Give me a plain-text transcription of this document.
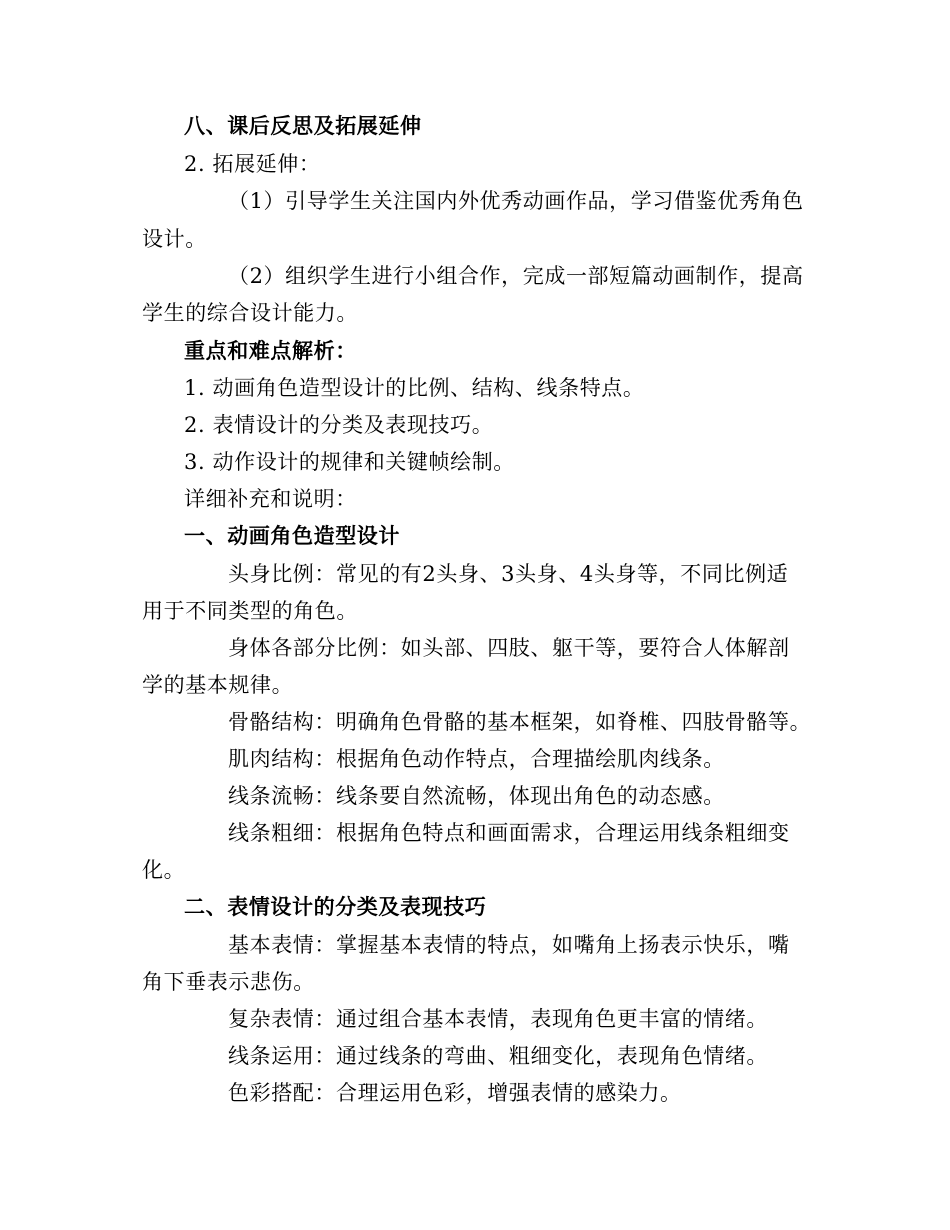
八、课后反思及拓展延伸
2. 拓展延伸：
（1）引导学生关注国内外优秀动画作品，学习借鉴优秀角色
设计。
（2）组织学生进行小组合作，完成一部短篇动画制作，提高
学生的综合设计能力。
重点和难点解析：
1. 动画角色造型设计的比例、结构、线条特点。
2. 表情设计的分类及表现技巧。
3. 动作设计的规律和关键帧绘制。
详细补充和说明：
一、动画角色造型设计
头身比例：常见的有2头身、3头身、4头身等，不同比例适
用于不同类型的角色。
身体各部分比例：如头部、四肢、躯干等，要符合人体解剖
学的基本规律。
骨骼结构：明确角色骨骼的基本框架，如脊椎、四肢骨骼等。
肌肉结构：根据角色动作特点，合理描绘肌肉线条。
线条流畅：线条要自然流畅，体现出角色的动态感。
线条粗细：根据角色特点和画面需求，合理运用线条粗细变
化。
二、表情设计的分类及表现技巧
基本表情：掌握基本表情的特点，如嘴角上扬表示快乐，嘴
角下垂表示悲伤。
复杂表情：通过组合基本表情，表现角色更丰富的情绪。
线条运用：通过线条的弯曲、粗细变化，表现角色情绪。
色彩搭配：合理运用色彩，增强表情的感染力。
